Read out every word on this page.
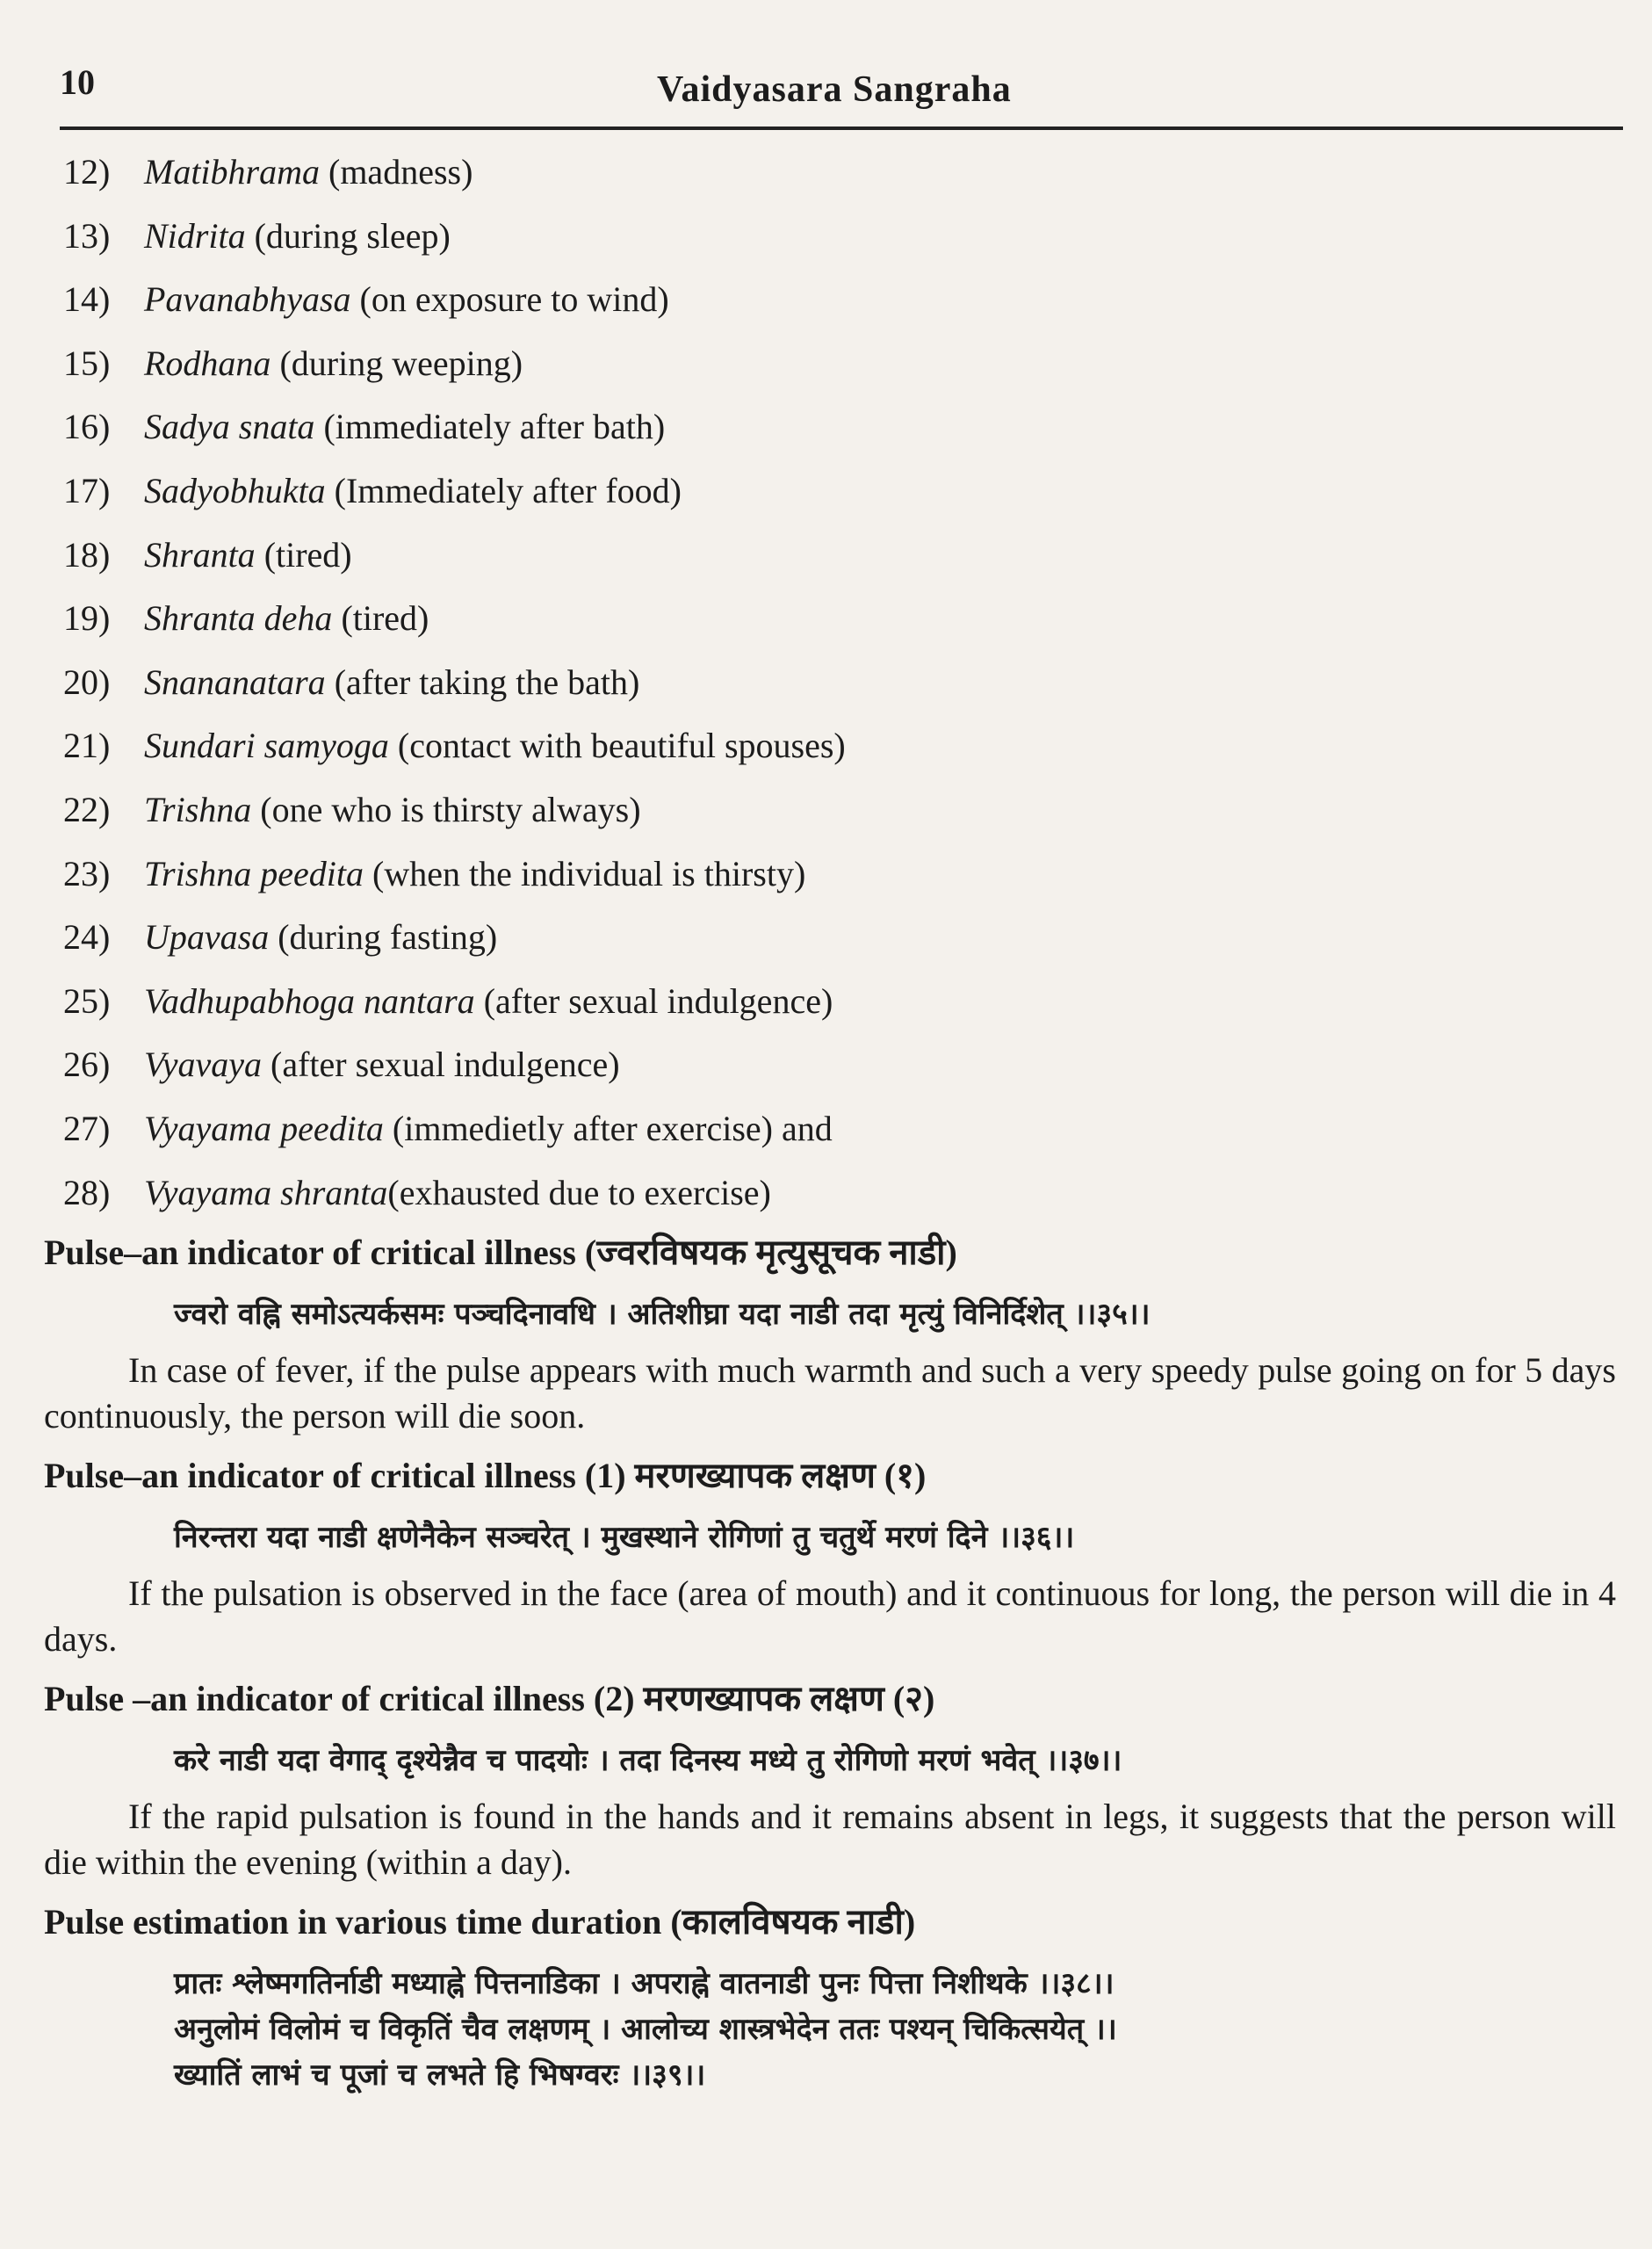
10	Vaidyasara Sangraha
12) Matibhrama (madness)
13) Nidrita (during sleep)
14) Pavanabhyasa (on exposure to wind)
15) Rodhana (during weeping)
16) Sadya snata (immediately after bath)
17) Sadyobhukta (Immediately after food)
18) Shranta (tired)
19) Shranta deha (tired)
20) Snananatara (after taking the bath)
21) Sundari samyoga (contact with beautiful spouses)
22) Trishna (one who is thirsty always)
23) Trishna peedita (when the individual is thirsty)
24) Upavasa (during fasting)
25) Vadhupabhoga nantara (after sexual indulgence)
26) Vyavaya (after sexual indulgence)
27) Vyayama peedita (immedietly after exercise) and
28) Vyayama shranta(exhausted due to exercise)
Pulse–an indicator of critical illness (ज्वरविषयक मृत्युसूचक नाडी)
ज्वरो वह्नि समोऽत्यर्कसमः पञ्चदिनावधि । अतिशीघ्रा यदा नाडी तदा मृत्युं विनिर्दिशेत् ।।३५।।

In case of fever, if the pulse appears with much warmth and such a very speedy pulse going on for 5 days continuously, the person will die soon.

Pulse–an indicator of critical illness (1) मरणख्यापक लक्षण (१)
निरन्तरा यदा नाडी क्षणेनैकेन सञ्चरेत् । मुखस्थाने रोगिणां तु चतुर्थे मरणं दिने ।।३६।।

If the pulsation is observed in the face (area of mouth) and it continuous for long, the person will die in 4 days.

Pulse –an indicator of critical illness (2) मरणख्यापक लक्षण (२)
करे नाडी यदा वेगाद् दृश्येन्नैव च पादयोः । तदा दिनस्य मध्ये तु रोगिणो मरणं भवेत् ।।३७।।

If the rapid pulsation is found in the hands and it remains absent in legs, it suggests that the person will die within the evening (within a day).

Pulse estimation in various time duration (कालविषयक नाडी)
प्रातः श्लेष्मगतिर्नाडी मध्याह्ने पित्तनाडिका । अपराह्ने वातनाडी पुनः पित्ता निशीथके ।।३८।।
अनुलोमं विलोमं च विकृतिं चैव लक्षणम् । आलोच्य शास्त्रभेदेन ततः पश्यन् चिकित्सयेत् ।।
ख्यातिं लाभं च पूजां च लभते हि भिषग्वरः ।।३९।।
